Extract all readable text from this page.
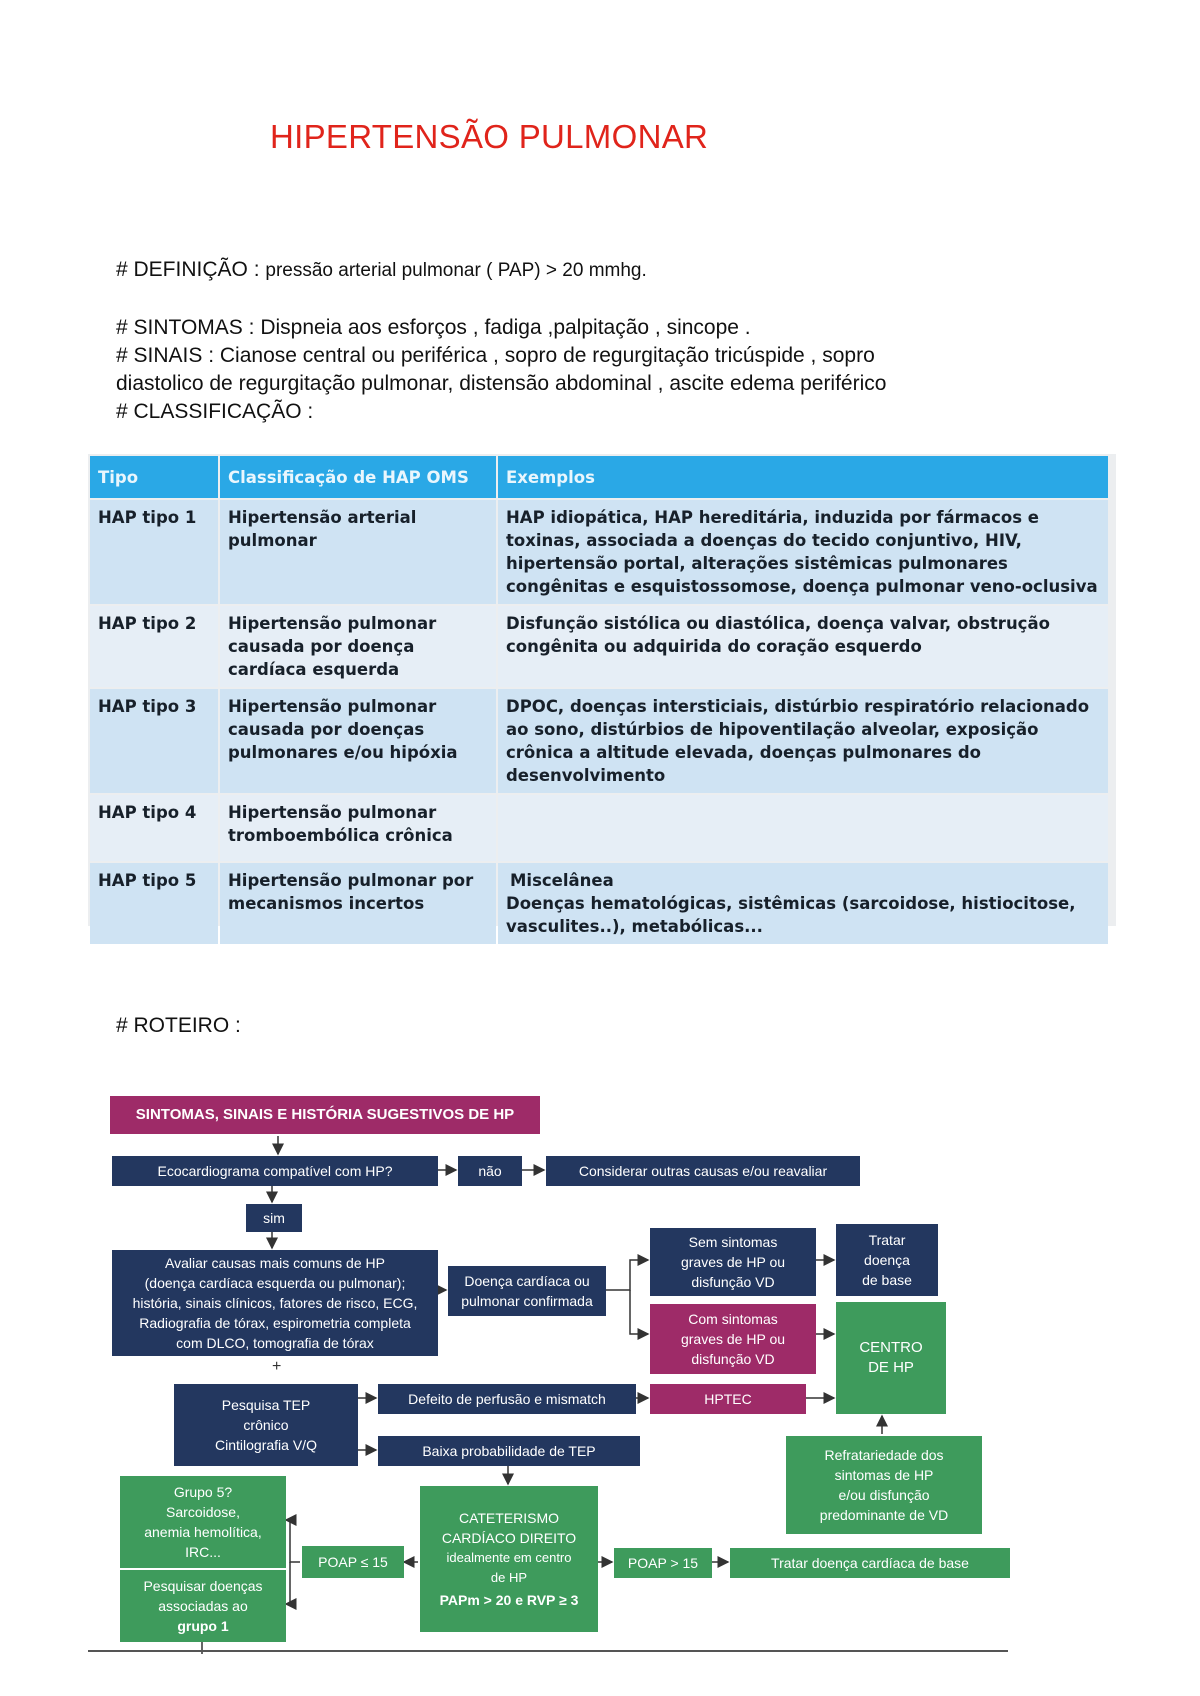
HIPERTENSÃO PULMONAR
# DEFINIÇÃO : pressão arterial pulmonar ( PAP) > 20 mmhg.
# SINTOMAS : Dispneia aos esforços , fadiga ,palpitação , sincope .
# SINAIS : Cianose central ou periférica , sopro de regurgitação tricúspide , sopro
diastolico de regurgitação pulmonar, distensão abdominal , ascite edema periférico
# CLASSIFICAÇÃO :
Tipo	Classificação de HAP OMS	Exemplos
HAP tipo 1	Hipertensão arterial pulmonar	HAP idiopática, HAP hereditária, induzida por fármacos e toxinas, associada a doenças do tecido conjuntivo, HIV, hipertensão portal, alterações sistêmicas pulmonares congênitas e esquistossomose, doença pulmonar veno-oclusiva
HAP tipo 2	Hipertensão pulmonar causada por doença cardíaca esquerda	Disfunção sistólica ou diastólica, doença valvar, obstrução congênita ou adquirida do coração esquerdo
HAP tipo 3	Hipertensão pulmonar causada por doenças pulmonares e/ou hipóxia	DPOC, doenças intersticiais, distúrbio respiratório relacionado ao sono, distúrbios de hipoventilação alveolar, exposição crônica a altitude elevada, doenças pulmonares do desenvolvimento
HAP tipo 4	Hipertensão pulmonar tromboembólica crônica	
HAP tipo 5	Hipertensão pulmonar por mecanismos incertos	Miscelânea
Doenças hematológicas, sistêmicas (sarcoidose, histiocitose, vasculites..), metabólicas...
# ROTEIRO :
SINTOMAS, SINAIS E HISTÓRIA SUGESTIVOS DE HP
Ecocardiograma compatível com HP?	não	Considerar outras causas e/ou reavaliar
sim
Avaliar causas mais comuns de HP
(doença cardíaca esquerda ou pulmonar);
história, sinais clínicos, fatores de risco, ECG,
Radiografia de tórax, espirometria completa
com DLCO, tomografia de tórax
+
Doença cardíaca ou
pulmonar confirmada
Sem sintomas
graves de HP ou
disfunção VD
Tratar
doença
de base
Com sintomas
graves de HP ou
disfunção VD
CENTRO
DE HP
Pesquisa TEP
crônico
Cintilografia V/Q
Defeito de perfusão e mismatch	HPTEC
Baixa probabilidade de TEP	Refratariedade dos
sintomas de HP
e/ou disfunção
predominante de VD
Grupo 5?
Sarcoidose,
anemia hemolítica,
IRC...
POAP ≤ 15
CATETERISMO
CARDÍACO DIREITO
idealmente em centro
de HP
PAPm > 20 e RVP ≥ 3
POAP > 15	Tratar doença cardíaca de base
Pesquisar doenças
associadas ao
grupo 1
